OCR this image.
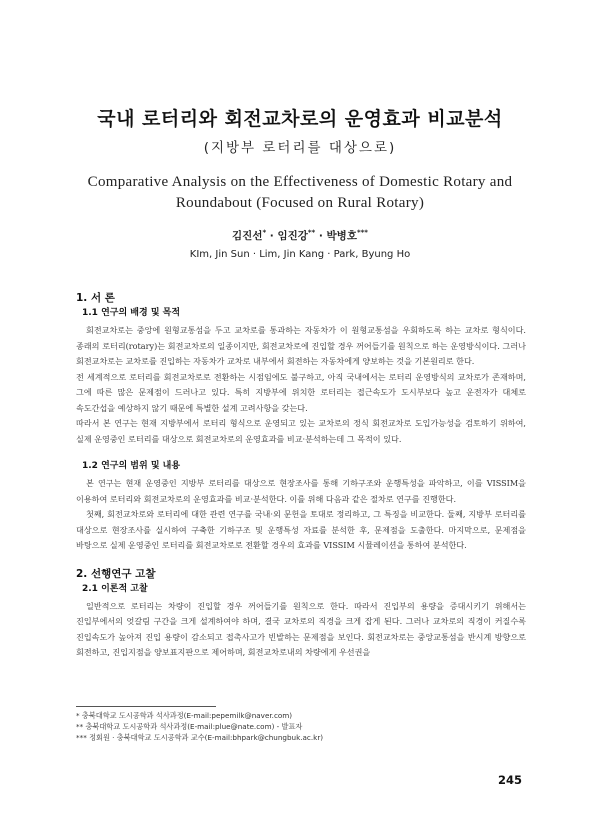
국내 로터리와 회전교차로의 운영효과 비교분석
(지방부 로터리를 대상으로)
Comparative Analysis on the Effectiveness of Domestic Rotary and
Roundabout (Focused on Rural Rotary)
김진선* · 임진강** · 박병호***
KIm, Jin Sun · Lim, Jin Kang · Park, Byung Ho
1. 서 론
1.1 연구의 배경 및 목적

회전교차로는 중앙에 원형교통섬을 두고 교차로를 통과하는 자동차가 이 원형교통섬을 우회하도록 하는 교차로 형식이다. 종래의 로터리(rotary)는 회전교차로의 일종이지만, 회전교차로에 진입할 경우 꺼어들기를 원칙으로 하는 운영방식이다. 그러나 회전교차로는 교차로를 진입하는 자동차가 교차로 내부에서 회전하는 자동차에게 양보하는 것을 기본원리로 한다.

전 세계적으로 로터리를 회전교차로로 전환하는 시점임에도 불구하고, 아직 국내에서는 로터리 운영방식의 교차로가 존재하며, 그에 따른 많은 문제점이 드러나고 있다. 특히 지방부에 위치한 로터리는 접근속도가 도시부보다 높고 운전자가 대체로 속도간섭을 예상하지 않기 때문에 특별한 설계 고려사항을 갖는다.

따라서 본 연구는 현재 지방부에서 로터리 형식으로 운영되고 있는 교차로의 정식 회전교차로 도입가능성을 검토하기 위하여, 실제 운영중인 로터리를 대상으로 회전교차로의 운영효과를 비교·분석하는데 그 목적이 있다.

1.2 연구의 범위 및 내용

본 연구는 현재 운영중인 지방부 로터리를 대상으로 현장조사를 통해 기하구조와 운행특성을 파악하고, 이를 VISSIM을 이용하여 로터리와 회전교차로의 운영효과를 비교·분석한다. 이를 위해 다음과 같은 절차로 연구를 진행한다.

첫째, 회전교차로와 로터리에 대한 관련 연구를 국내·외 문헌을 토대로 정리하고, 그 특징을 비교한다. 둘째, 지방부 로터리를 대상으로 현장조사를 실시하여 구축한 기하구조 및 운행특성 자료를 분석한 후, 문제점을 도출한다. 마지막으로, 문제점을 바탕으로 실제 운영중인 로터리를 회전교차로로 전환할 경우의 효과를 VISSIM 시뮬레이션을 통하여 분석한다.

2. 선행연구 고찰
2.1 이론적 고찰

일반적으로 로터리는 차량이 진입할 경우 꺼어들기를 원칙으로 한다. 따라서 진입부의 용량을 증대시키기 위해서는 진입부에서의 엇갈림 구간을 크게 설계하여야 하며, 결국 교차로의 직경을 크게 잡게 된다. 그러나 교차로의 직경이 커질수록 진입속도가 높아져 진입 용량이 감소되고 접촉사고가 빈발하는 문제점을 보인다. 회전교차로는 중앙교통섬을 반시계 방향으로 회전하고, 진입지점을 양보표지판으로 제어하며, 회전교차로내의 차량에게 우선권을

* 충북대학교 도시공학과 석사과정(E-mail:pepemilk@naver.com)
** 충북대학교 도시공학과 석사과정(E-mail:plue@nate.com) - 발표자
*** 정회원 · 충북대학교 도시공학과 교수(E-mail:bhpark@chungbuk.ac.kr)
245
